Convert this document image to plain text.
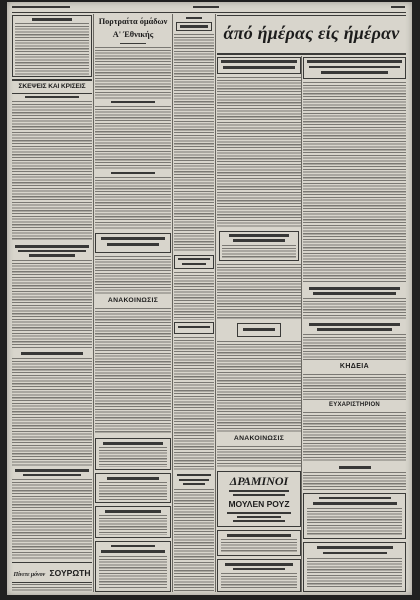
άπό ήμέρας είς ήμέραν
ΣΚΕΨΕΙΣ ΚΑΙ ΚΡΙΣΕΙΣ
Πίνετε μόνον ΣΟΥΡΩΤΗ
Πορτραίτα όμάδων
Α' Έθνικής
ΑΝΑΚΟΙΝΩΣΙΣ
ΑΝΑΚΟΙΝΩΣΙΣ
ΔΡΑΜΙΝΟΙ
ΜΟΥΛΕΝ ΡΟΥΖ
ΚΗΔΕΙΑ
ΕΥΧΑΡΙΣΤΗΡΙΟΝ
